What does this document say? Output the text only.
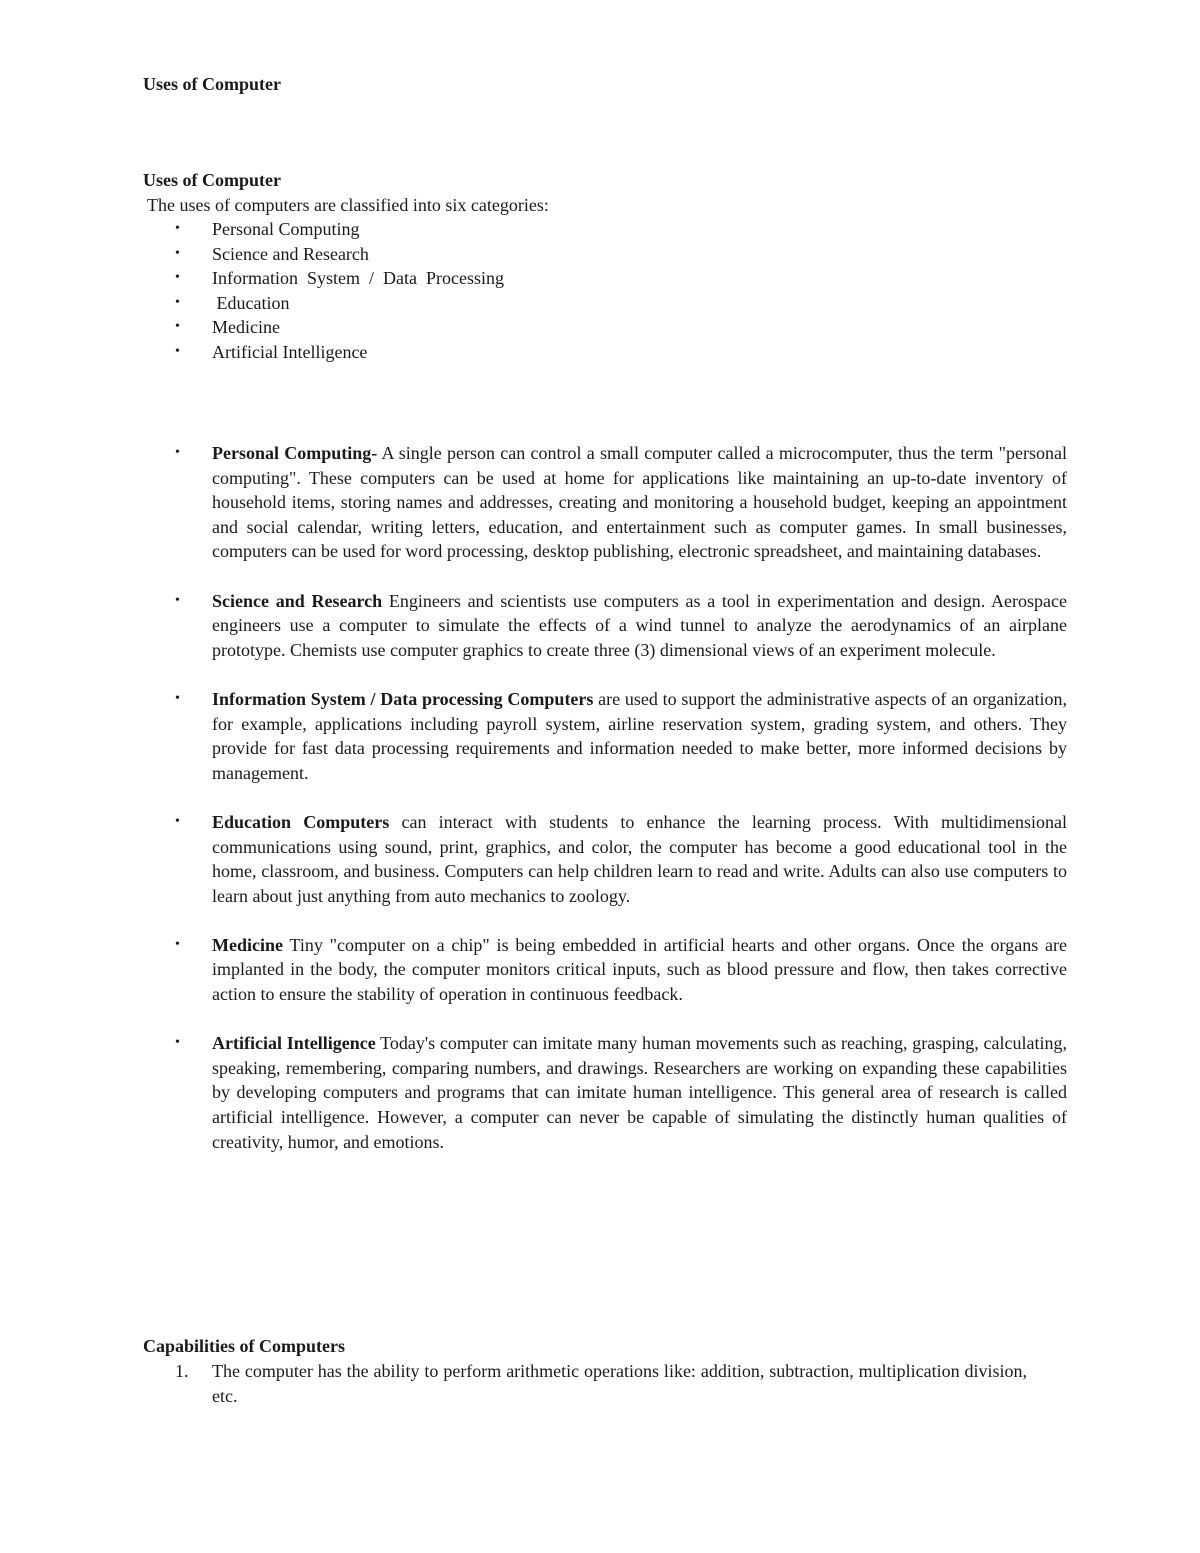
Uses of Computer
Uses of Computer

The uses of computers are classified into six categories:

• Personal Computing
• Science and Research
• Information  System  /  Data  Processing
• Education
• Medicine
• Artificial Intelligence
• Personal Computing- A single person can control a small computer called a microcomputer, thus the term "personal computing". These computers can be used at home for applications like maintaining an up-to-date inventory of household items, storing names and addresses, creating and monitoring a household budget, keeping an appointment and social calendar, writing letters, education, and entertainment such as computer games. In small businesses, computers can be used for word processing, desktop publishing, electronic spreadsheet, and maintaining databases.
• Science and Research Engineers and scientists use computers as a tool in experimentation and design. Aerospace engineers use a computer to simulate the effects of a wind tunnel to analyze the aerodynamics of an airplane prototype. Chemists use computer graphics to create three (3) dimensional views of an experiment molecule.
• Information System / Data processing Computers are used to support the administrative aspects of an organization, for example, applications including payroll system, airline reservation system, grading system, and others. They provide for fast data processing requirements and information needed to make better, more informed decisions by management.
• Education Computers can interact with students to enhance the learning process. With multidimensional communications using sound, print, graphics, and color, the computer has become a good educational tool in the home, classroom, and business. Computers can help children learn to read and write. Adults can also use computers to learn about just anything from auto mechanics to zoology.
• Medicine Tiny "computer on a chip" is being embedded in artificial hearts and other organs. Once the organs are implanted in the body, the computer monitors critical inputs, such as blood pressure and flow, then takes corrective action to ensure the stability of operation in continuous feedback.
• Artificial Intelligence Today's computer can imitate many human movements such as reaching, grasping, calculating, speaking, remembering, comparing numbers, and drawings. Researchers are working on expanding these capabilities by developing computers and programs that can imitate human intelligence. This general area of research is called artificial intelligence. However, a computer can never be capable of simulating the distinctly human qualities of creativity, humor, and emotions.
Capabilities of Computers
1. The computer has the ability to perform arithmetic operations like: addition, subtraction, multiplication division, etc.
